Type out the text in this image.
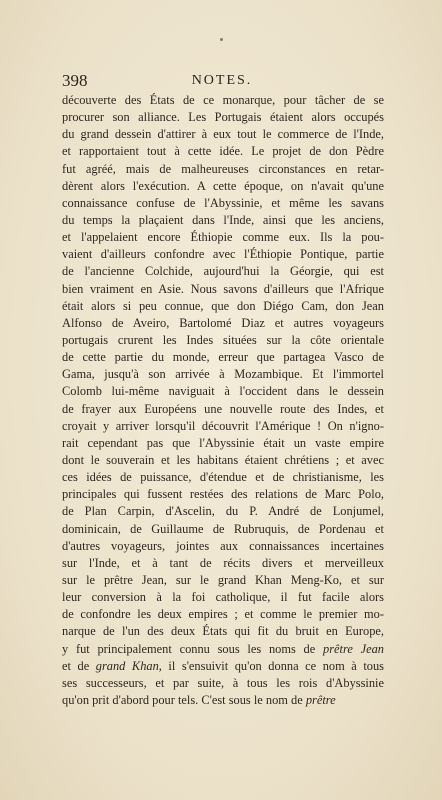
398	NOTES.
découverte des États de ce monarque, pour tâcher de se
procurer son alliance. Les Portugais étaient alors occupés
du grand dessein d'attirer à eux tout le commerce de l'Inde,
et rapportaient tout à cette idée. Le projet de don Pèdre
fut agréé, mais de malheureuses circonstances en retar-
dèrent alors l'exécution. A cette époque, on n'avait qu'une
connaissance confuse de l'Abyssinie, et même les savans
du temps la plaçaient dans l'Inde, ainsi que les anciens,
et l'appelaient encore Éthiopie comme eux. Ils la pou-
vaient d'ailleurs confondre avec l'Éthiopie Pontique, partie
de l'ancienne Colchide, aujourd'hui la Géorgie, qui est
bien vraiment en Asie. Nous savons d'ailleurs que l'Afrique
était alors si peu connue, que don Diégo Cam, don Jean
Alfonso de Aveiro, Bartolomé Diaz et autres voyageurs
portugais crurent les Indes situées sur la côte orientale
de cette partie du monde, erreur que partagea Vasco de
Gama, jusqu'à son arrivée à Mozambique. Et l'immortel
Colomb lui-même naviguait à l'occident dans le dessein
de frayer aux Européens une nouvelle route des Indes, et
croyait y arriver lorsqu'il découvrit l'Amérique ! On n'igno-
rait cependant pas que l'Abyssinie était un vaste empire
dont le souverain et les habitans étaient chrétiens ; et avec
ces idées de puissance, d'étendue et de christianisme, les
principales qui fussent restées des relations de Marc Polo,
de Plan Carpin, d'Ascelin, du P. André de Lonjumel,
dominicain, de Guillaume de Rubruquis, de Pordenau et
d'autres voyageurs, jointes aux connaissances incertaines
sur l'Inde, et à tant de récits divers et merveilleux
sur le prêtre Jean, sur le grand Khan Meng-Ko, et sur
leur conversion à la foi catholique, il fut facile alors
de confondre les deux empires ; et comme le premier mo-
narque de l'un des deux États qui fit du bruit en Europe,
y fut principalement connu sous les noms de prêtre Jean
et de grand Khan, il s'ensuivit qu'on donna ce nom à tous
ses successeurs, et par suite, à tous les rois d'Abyssinie
qu'on prit d'abord pour tels. C'est sous le nom de prêtre
